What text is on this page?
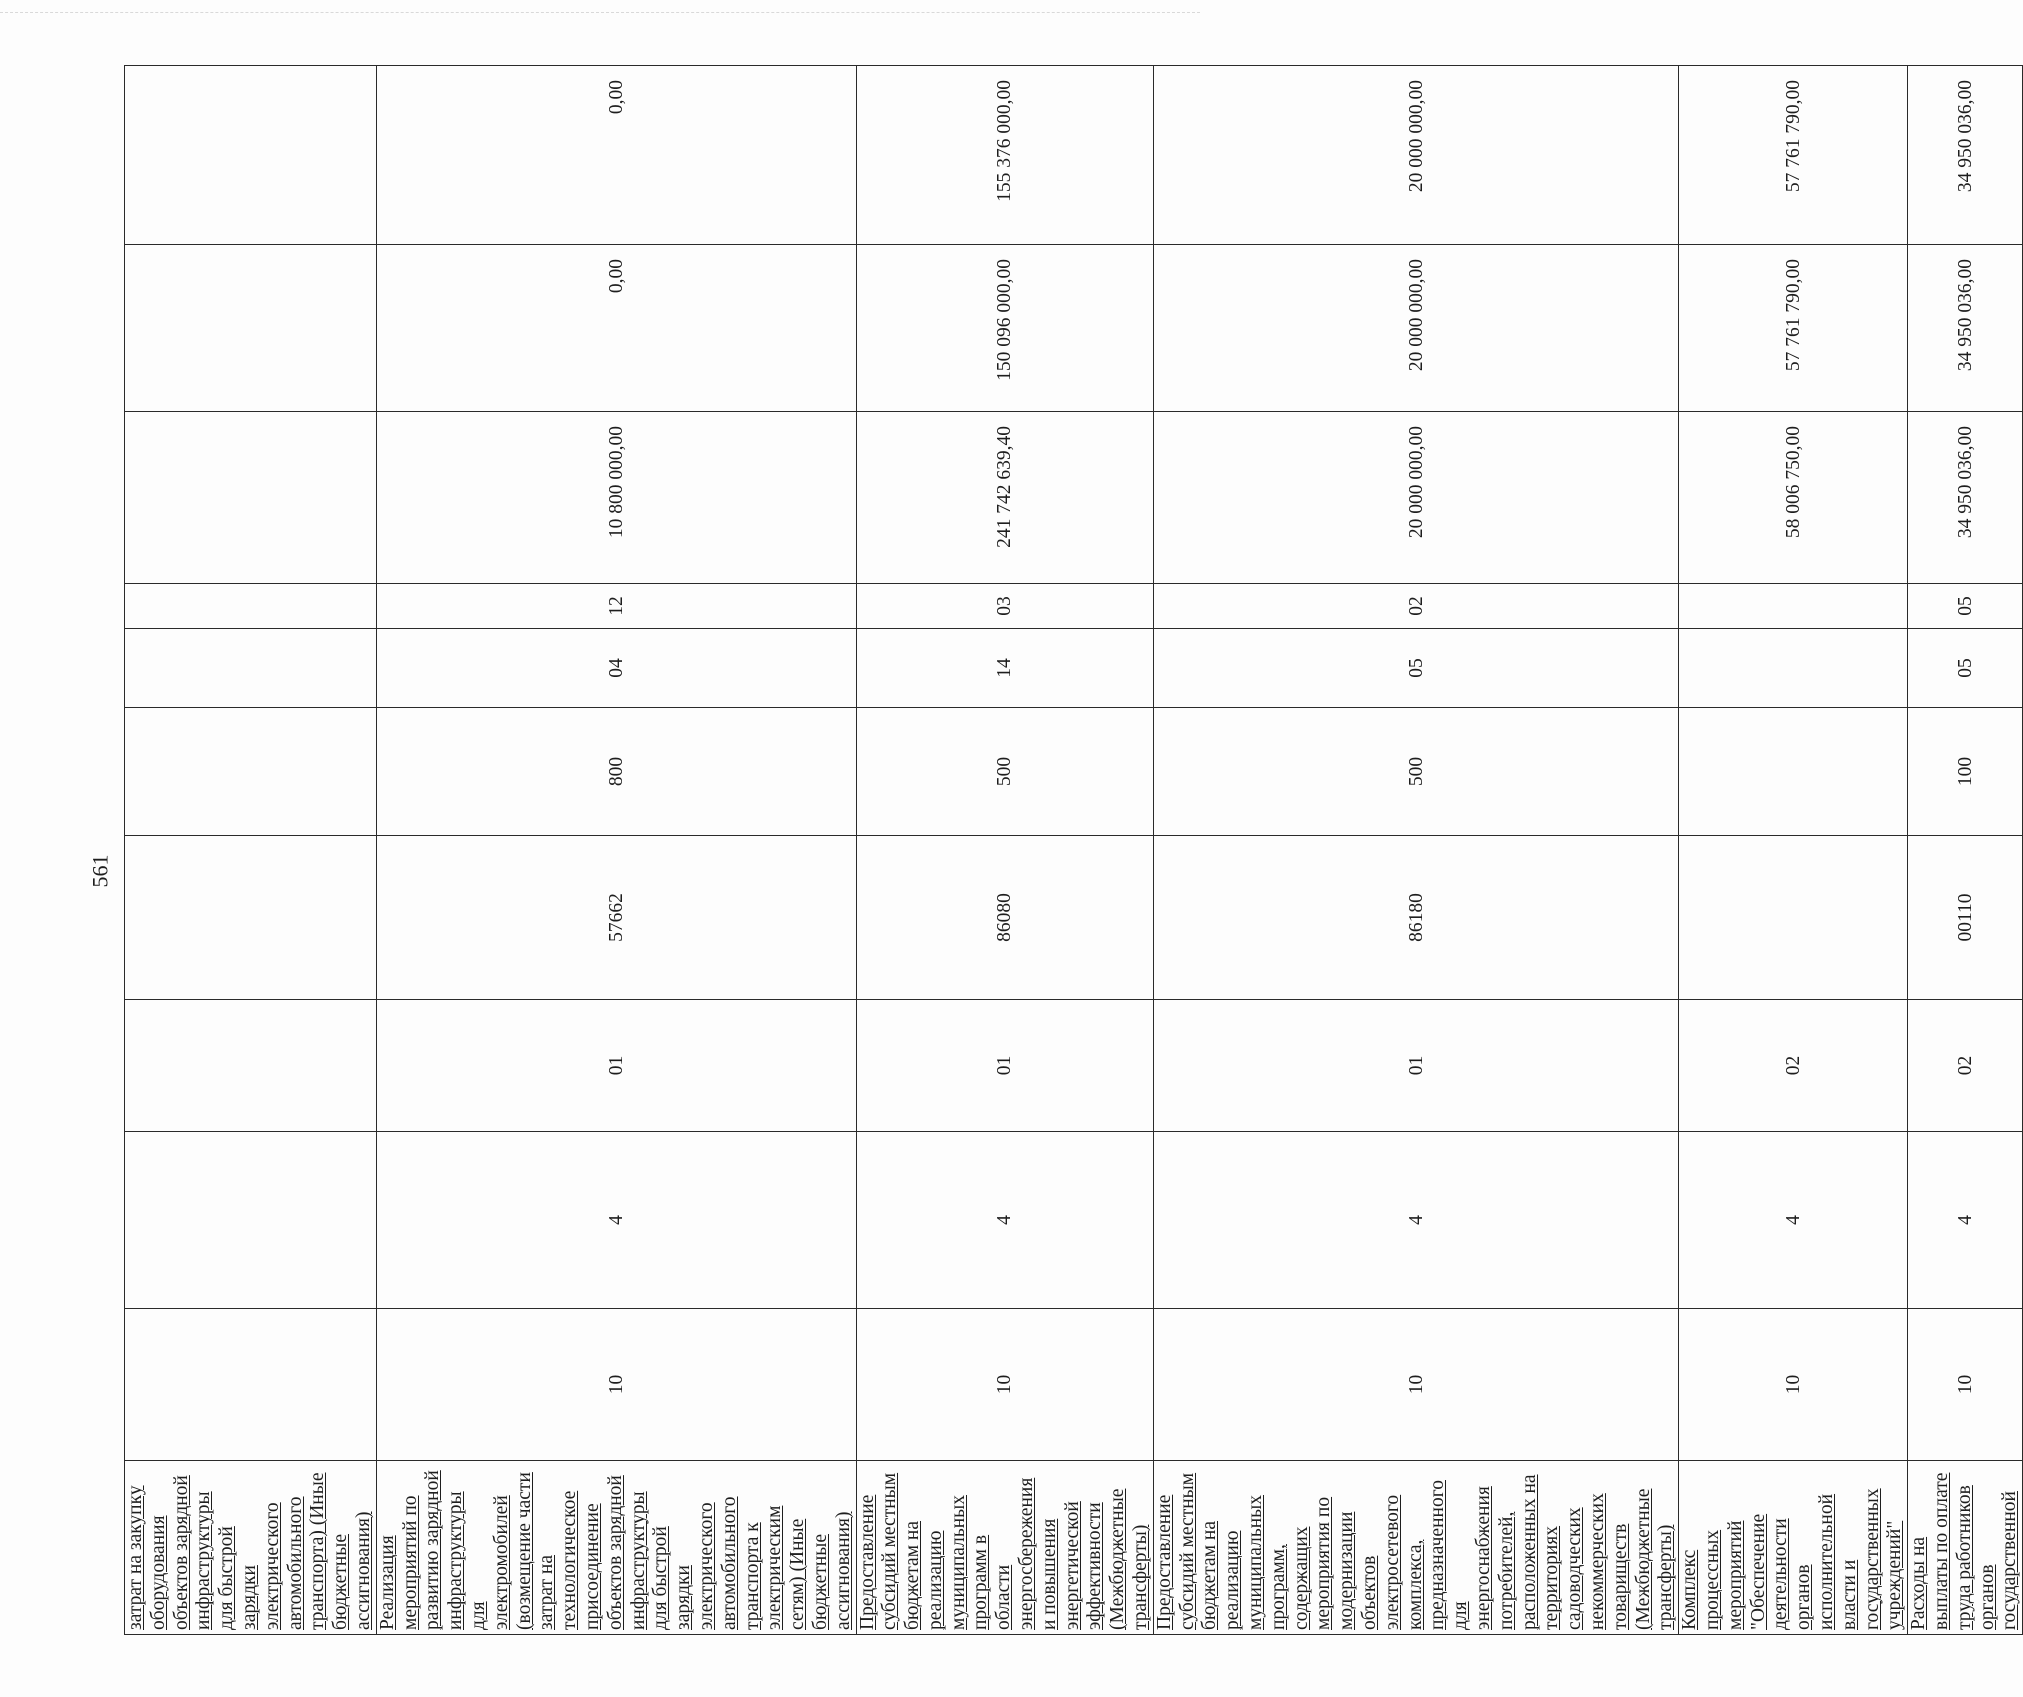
561
затрат на закупку оборудования объектов зарядной инфраструктуры для быстрой зарядки электрического автомобильного транспорта) (Иные бюджетные ассигнования)										
Реализация мероприятий по развитию зарядной инфраструктуры для электромобилей (возмещение части затрат на технологическое присоединение объектов зарядной инфраструктуры для быстрой зарядки электрического автомобильного транспорта к электрическим сетям) (Иные бюджетные ассигнования)	10	4	01	57662	800	04	12	10 800 000,00	0,00	0,00
Предоставление субсидий местным бюджетам на реализацию муниципальных программ в области энергосбережения и повышения энергетической эффективности (Межбюджетные трансферты)	10	4	01	86080	500	14	03	241 742 639,40	150 096 000,00	155 376 000,00
Предоставление субсидий местным бюджетам на реализацию муниципальных программ, содержащих мероприятия по модернизации объектов электросетевого комплекса, предназначенного для энергоснабжения потребителей, расположенных на территориях садоводческих некоммерческих товариществ (Межбюджетные трансферты)	10	4	01	86180	500	05	02	20 000 000,00	20 000 000,00	20 000 000,00
Комплекс процессных мероприятий "Обеспечение деятельности органов исполнительной власти и государственных учреждений"	10	4	02					58 006 750,00	57 761 790,00	57 761 790,00
Расходы на выплаты по оплате труда работников органов государственной	10	4	02	00110	100	05	05	34 950 036,00	34 950 036,00	34 950 036,00
